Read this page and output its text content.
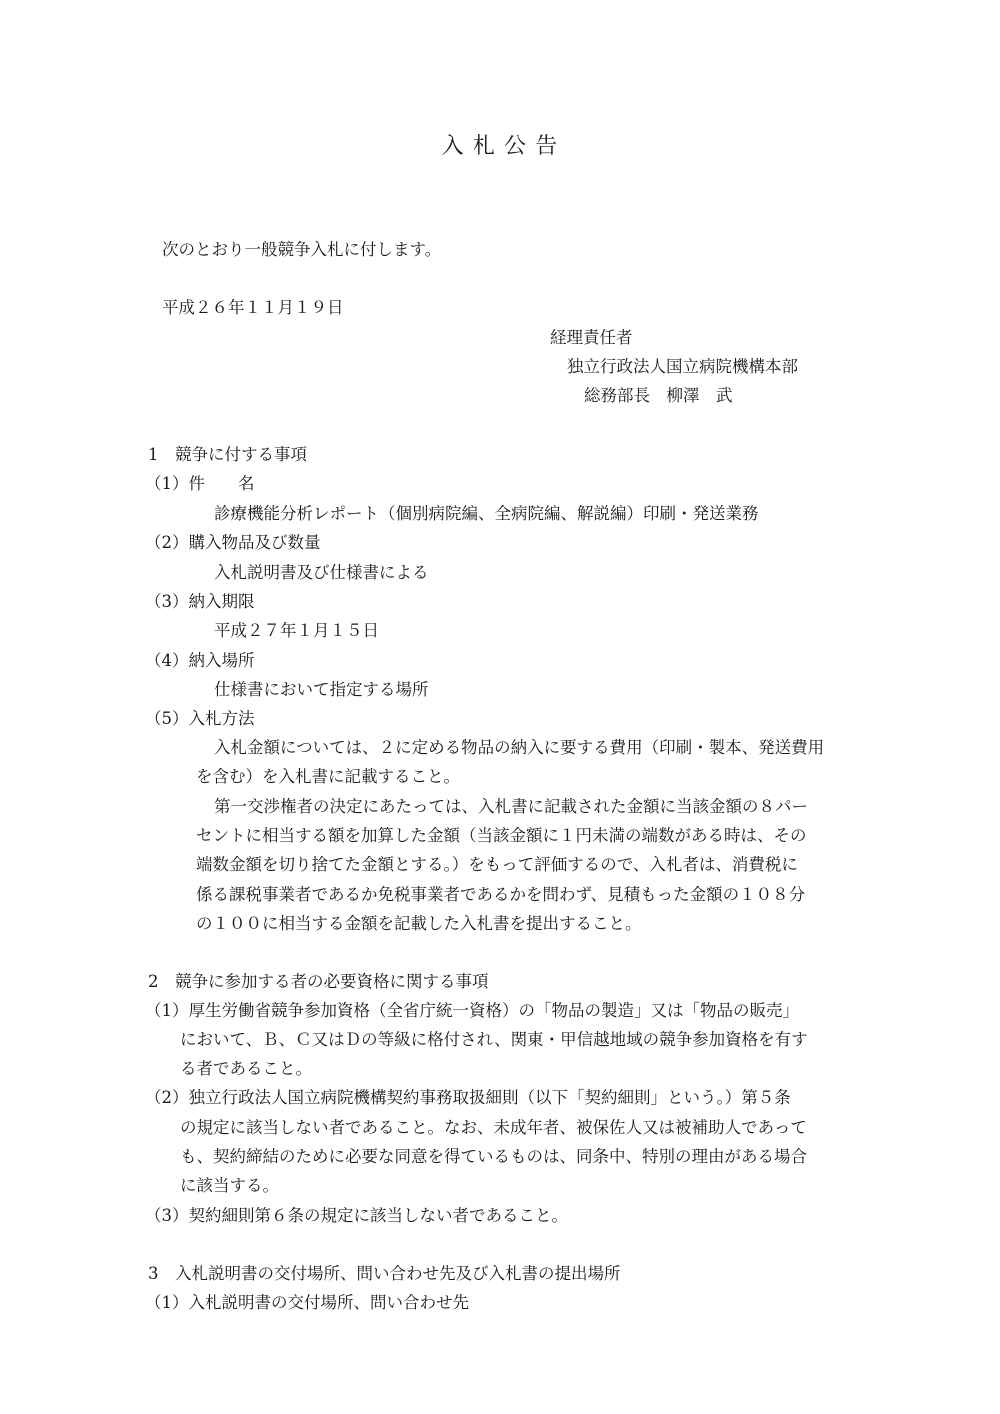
入 札 公 告
次のとおり一般競争入札に付します。
平成２６年１１月１９日
経理責任者
独立行政法人国立病院機構本部
総務部長　柳澤　武
1　競争に付する事項
（1）件　　名
診療機能分析レポート（個別病院編、全病院編、解説編）印刷・発送業務
（2）購入物品及び数量
入札説明書及び仕様書による
（3）納入期限
平成２７年１月１５日
（4）納入場所
仕様書において指定する場所
（5）入札方法
入札金額については、２に定める物品の納入に要する費用（印刷・製本、発送費用
を含む）を入札書に記載すること。
第一交渉権者の決定にあたっては、入札書に記載された金額に当該金額の８パー
セントに相当する額を加算した金額（当該金額に１円未満の端数がある時は、その
端数金額を切り捨てた金額とする。）をもって評価するので、入札者は、消費税に
係る課税事業者であるか免税事業者であるかを問わず、見積もった金額の１０８分
の１００に相当する金額を記載した入札書を提出すること。
2　競争に参加する者の必要資格に関する事項
（1）厚生労働省競争参加資格（全省庁統一資格）の「物品の製造」又は「物品の販売」
において、Ｂ、Ｃ又はＤの等級に格付され、関東・甲信越地域の競争参加資格を有す
る者であること。
（2）独立行政法人国立病院機構契約事務取扱細則（以下「契約細則」という。）第５条
の規定に該当しない者であること。なお、未成年者、被保佐人又は被補助人であって
も、契約締結のために必要な同意を得ているものは、同条中、特別の理由がある場合
に該当する。
（3）契約細則第６条の規定に該当しない者であること。
3　入札説明書の交付場所、問い合わせ先及び入札書の提出場所
（1）入札説明書の交付場所、問い合わせ先
